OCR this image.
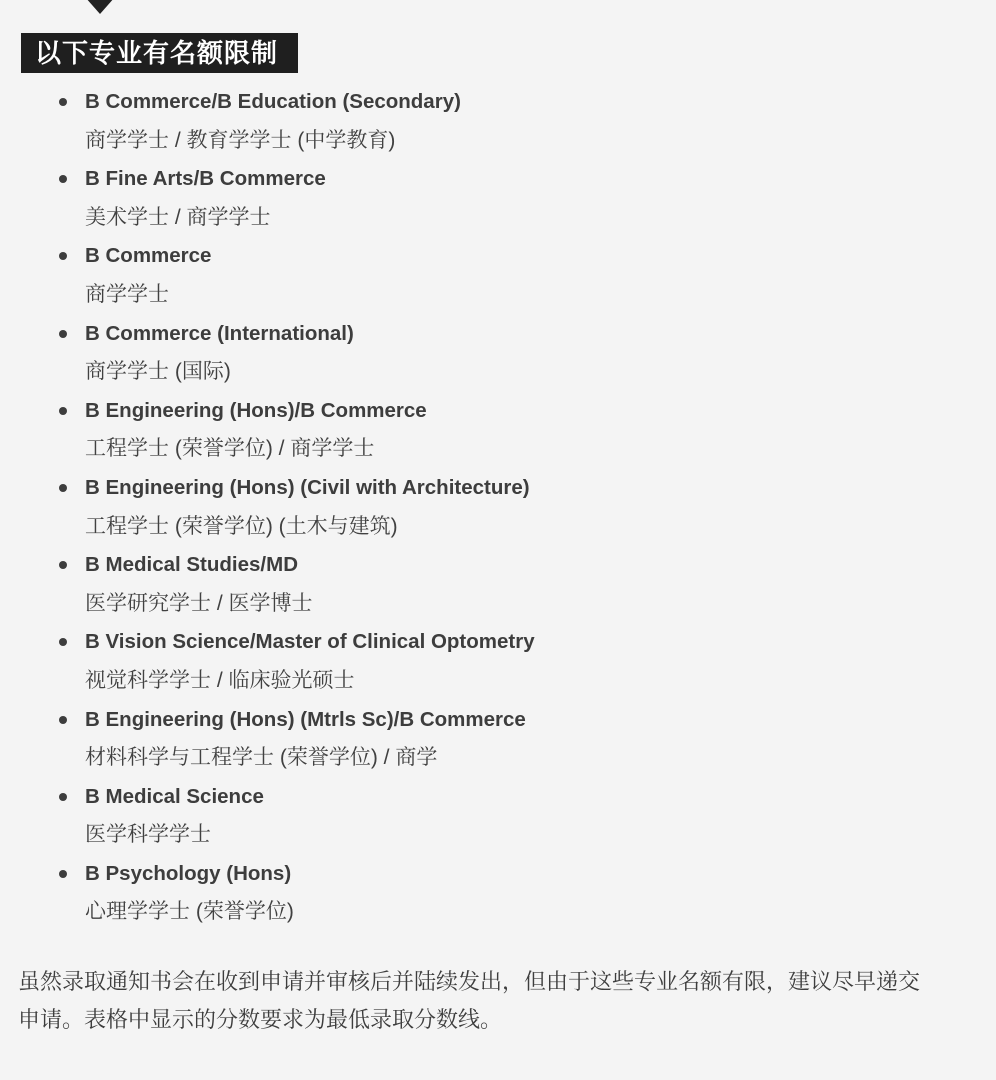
以下专业有名额限制
B Commerce/B Education (Secondary)
商学学士 / 教育学学士 (中学教育)
B Fine Arts/B Commerce
美术学士 / 商学学士
B Commerce
商学学士
B Commerce (International)
商学学士 (国际)
B Engineering (Hons)/B Commerce
工程学士 (荣誉学位) / 商学学士
B Engineering (Hons) (Civil with Architecture)
工程学士 (荣誉学位) (土木与建筑)
B Medical Studies/MD
医学研究学士 / 医学博士
B Vision Science/Master of Clinical Optometry
视觉科学学士 / 临床验光硕士
B Engineering (Hons) (Mtrls Sc)/B Commerce
材料科学与工程学士 (荣誉学位) / 商学
B Medical Science
医学科学学士
B Psychology (Hons)
心理学学士 (荣誉学位)

虽然录取通知书会在收到申请并审核后并陆续发出，但由于这些专业名额有限，建议尽早递交申请。表格中显示的分数要求为最低录取分数线。
